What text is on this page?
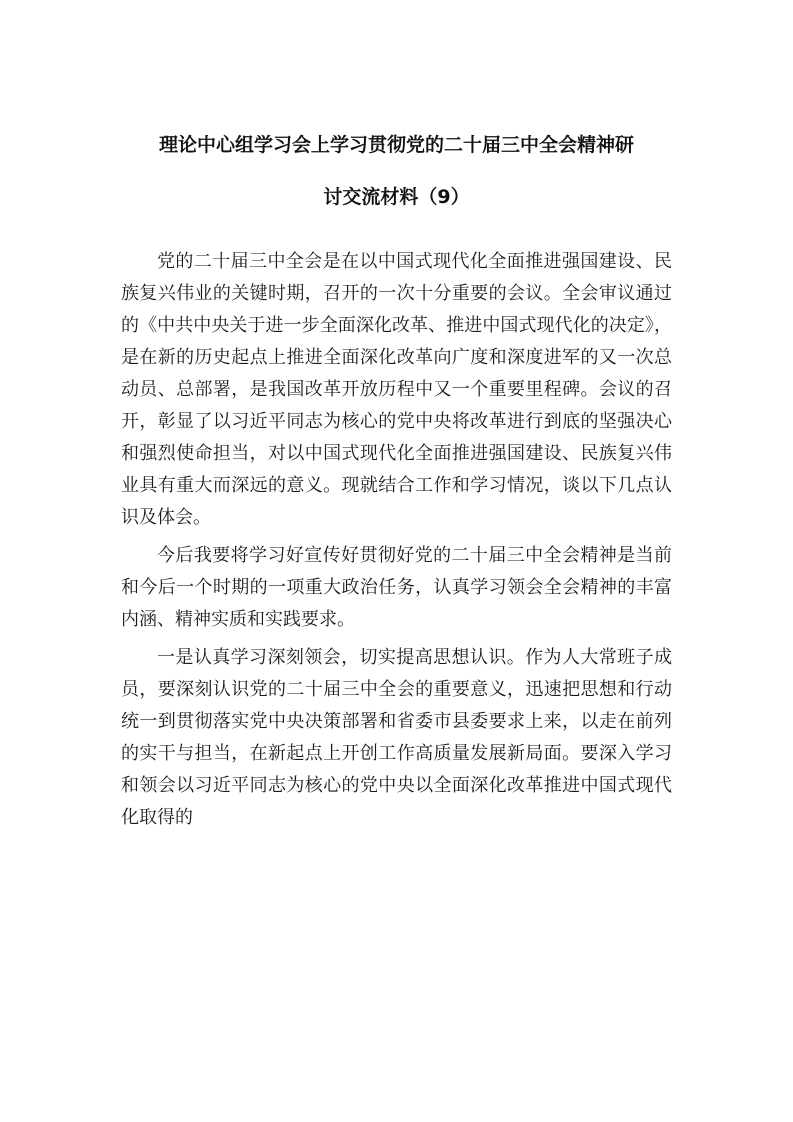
理论中心组学习会上学习贯彻党的二十届三中全会精神研
讨交流材料（9）

党的二十届三中全会是在以中国式现代化全面推进强国建设、民族复兴伟业的关键时期，召开的一次十分重要的会议。全会审议通过的《中共中央关于进一步全面深化改革、推进中国式现代化的决定》，是在新的历史起点上推进全面深化改革向广度和深度进军的又一次总动员、总部署，是我国改革开放历程中又一个重要里程碑。会议的召开，彰显了以习近平同志为核心的党中央将改革进行到底的坚强决心和强烈使命担当，对以中国式现代化全面推进强国建设、民族复兴伟业具有重大而深远的意义。现就结合工作和学习情况，谈以下几点认识及体会。

今后我要将学习好宣传好贯彻好党的二十届三中全会精神是当前和今后一个时期的一项重大政治任务，认真学习领会全会精神的丰富内涵、精神实质和实践要求。

一是认真学习深刻领会，切实提高思想认识。作为人大常班子成员，要深刻认识党的二十届三中全会的重要意义，迅速把思想和行动统一到贯彻落实党中央决策部署和省委市县委要求上来，以走在前列的实干与担当，在新起点上开创工作高质量发展新局面。要深入学习和领会以习近平同志为核心的党中央以全面深化改革推进中国式现代化取得的
